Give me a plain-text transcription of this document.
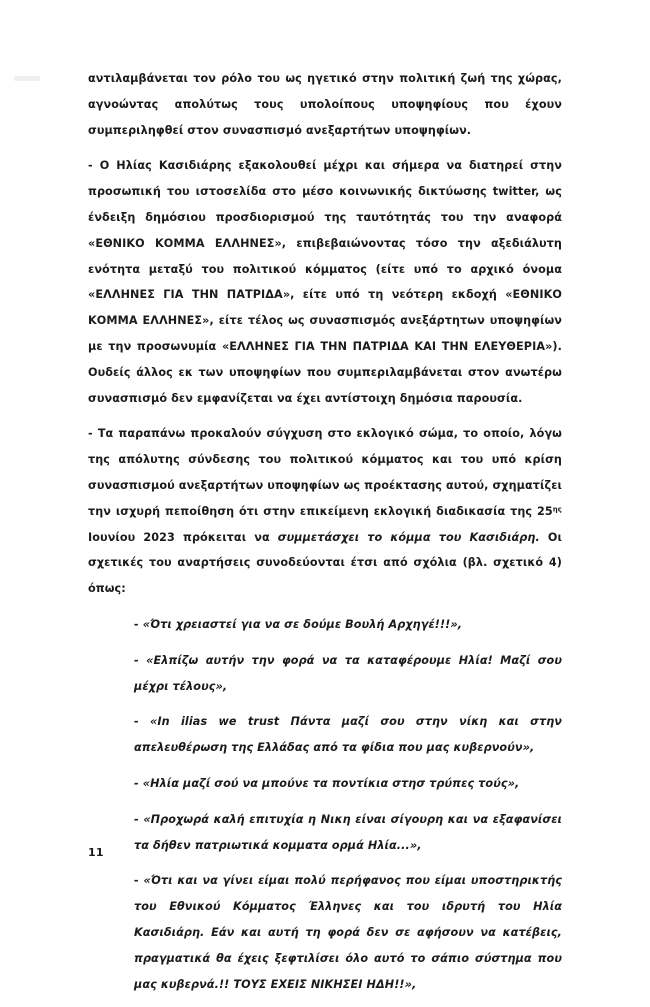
αντιλαμβάνεται τον ρόλο του ως ηγετικό στην πολιτική ζωή της χώρας, αγνοώντας απολύτως τους υπολοίπους υποψηφίους που έχουν συμπεριληφθεί στον συνασπισμό ανεξαρτήτων υποψηφίων.

- Ο Ηλίας Κασιδιάρης εξακολουθεί μέχρι και σήμερα να διατηρεί στην προσωπική του ιστοσελίδα στο μέσο κοινωνικής δικτύωσης twitter, ως ένδειξη δημόσιου προσδιορισμού της ταυτότητάς του την αναφορά «ΕΘΝΙΚΟ ΚΟΜΜΑ ΕΛΛΗΝΕΣ», επιβεβαιώνοντας τόσο την αξεδιάλυτη ενότητα μεταξύ του πολιτικού κόμματος (είτε υπό το αρχικό όνομα «ΕΛΛΗΝΕΣ ΓΙΑ ΤΗΝ ΠΑΤΡΙΔΑ», είτε υπό τη νεότερη εκδοχή «ΕΘΝΙΚΟ ΚΟΜΜΑ ΕΛΛΗΝΕΣ», είτε τέλος ως συνασπισμός ανεξάρτητων υποψηφίων με την προσωνυμία «ΕΛΛΗΝΕΣ ΓΙΑ ΤΗΝ ΠΑΤΡΙΔΑ ΚΑΙ ΤΗΝ ΕΛΕΥΘΕΡΙΑ»). Ουδείς άλλος εκ των υποψηφίων που συμπεριλαμβάνεται στον ανωτέρω συνασπισμό δεν εμφανίζεται να έχει αντίστοιχη δημόσια παρουσία.

- Τα παραπάνω προκαλούν σύγχυση στο εκλογικό σώμα, το οποίο, λόγω της απόλυτης σύνδεσης του πολιτικού κόμματος και του υπό κρίση συνασπισμού ανεξαρτήτων υποψηφίων ως προέκτασης αυτού, σχηματίζει την ισχυρή πεποίθηση ότι στην επικείμενη εκλογική διαδικασία της $25^{\eta\varsigma}$ Ιουνίου 2023 πρόκειται να συμμετάσχει το κόμμα του Κασιδιάρη. Οι σχετικές του αναρτήσεις συνοδεύονται έτσι από σχόλια (βλ. σχετικό 4) όπως:

- «Ότι χρειαστεί για να σε δούμε Βουλή Αρχηγέ!!!»,

- «Ελπίζω αυτήν την φορά να τα καταφέρουμε Ηλία! Μαζί σου μέχρι τέλους»,

- «In ilias we trust Πάντα μαζί σου στην νίκη και στην απελευθέρωση της Ελλάδας από τα φίδια που μας κυβερνούν»,

- «Ηλία μαζί σού να μπούνε τα ποντίκια στησ τρύπες τούς»,

- «Προχωρά καλή επιτυχία η Νικη είναι σίγουρη και να εξαφανίσει τα δήθεν πατριωτικά κομματα ορμά Ηλία...»,

- «Ότι και να γίνει είμαι πολύ περήφανος που είμαι υποστηρικτής του Εθνικού Κόμματος Έλληνες και του ιδρυτή του Ηλία Κασιδιάρη. Εάν και αυτή τη φορά δεν σε αφήσουν να κατέβεις, πραγματικά θα έχεις ξεφτιλίσει όλο αυτό το σάπιο σύστημα που μας κυβερνά.!! ΤΟΥΣ ΕΧΕΙΣ ΝΙΚΗΣΕΙ ΗΔΗ!!»,

11
